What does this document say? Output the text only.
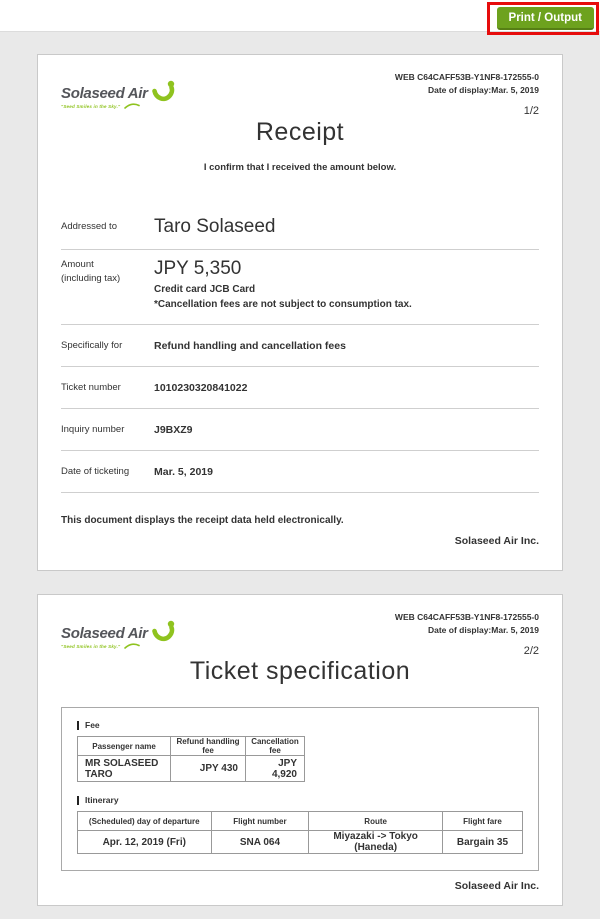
Print / Output
Solaseed Air
"Seed Smiles in the Sky."
WEB C64CAFF53B-Y1NF8-172555-0
Date of display:Mar. 5, 2019
1/2
Receipt
I confirm that I received the amount below.
Addressed to	Taro Solaseed
Amount
(including tax)	JPY 5,350
Credit card JCB Card
*Cancellation fees are not subject to consumption tax.
Specifically for	Refund handling and cancellation fees
Ticket number	1010230320841022
Inquiry number	J9BXZ9
Date of ticketing	Mar. 5, 2019
This document displays the receipt data held electronically.
Solaseed Air Inc.
Solaseed Air
"Seed Smiles in the Sky."
WEB C64CAFF53B-Y1NF8-172555-0
Date of display:Mar. 5, 2019
2/2
Ticket specification
Fee
Passenger name	Refund handling fee	Cancellation fee
MR SOLASEED TARO	JPY 430	JPY 4,920
Itinerary
(Scheduled) day of departure	Flight number	Route	Flight fare
Apr. 12, 2019 (Fri)	SNA 064	Miyazaki -> Tokyo (Haneda)	Bargain 35
Solaseed Air Inc.
